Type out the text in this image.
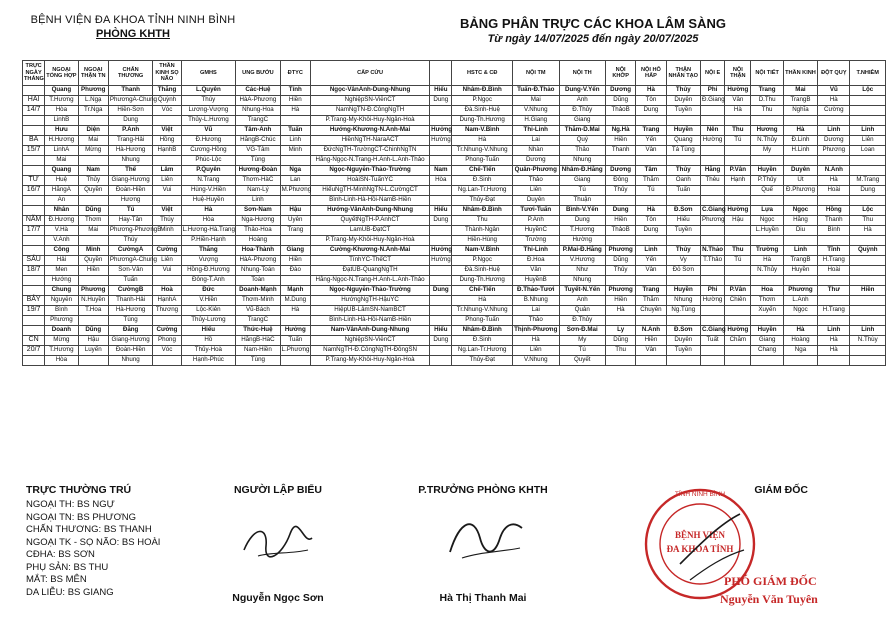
BỆNH VIỆN ĐA KHOA TỈNH NINH BÌNH
PHÒNG KHTH
BẢNG PHÂN TRỰC CÁC KHOA LÂM SÀNG
Từ ngày 14/07/2025 đến ngày 20/07/2025
TRỰC NGÀY THÁNG	NGOẠI TỔNG HỢP	NGOẠI THẬN TN	CHẤN THƯƠNG	THẦN KINH SỌ NÃO	GMHS	UNG BƯỚU	ĐTYC	CẤP CỨU		HSTC & CĐ	NỘI TM	NỘI TH	NỘI KHỚP	NỘI HÔ HẤP	THẬN NHÂN TẠO	NỘI E	NỘI THẬN	NỘI TIẾT	THẦN KINH	ĐỘT QUỴ	T.NHIỄM
	Quang	Phương	Thanh	Thắng	L.Quyên	Các-Huệ	Tính	Ngọc-VânAnh-Dung-Nhung	Hiếu	Nhâm-Đ.Bình	Tuấn-Đ.Thảo	Dung-V.Yến	Dương	Hà	Thủy	Phi	Hường	Trang	Mai	Vũ	Lộc
HAI	T.Hương	L.Ngạ	PhươngA-Chung	Quỳnh	Thúy	HàA-Phương	Hiền	NghiệpSN-ViễnCT	Dung	P.Ngọc	Mai	Anh	Dũng	Tôn	Duyên	Đ.Giang	Vân	D.Thu	TrangB	Hà	
14/7	Hòa	Tr.Nga	Hiền-Sơn	Vóc	Lương-Vượng	Nhung-Hoa	Hà	NamNgTN-Đ.CôngNgTH		Đà.Sinh-Huệ	V.Nhung	Đ.Thủy	ThảoB	Dung	Tuyền		Hà	Thu	Nghĩa	Cường	
	LinhB		Dung		Thủy-L.Hương	TrangC		P.Trang-My-Khôi-Huy-Ngân-Hoà		Dung-Th.Hương	H.Giang	Giang									
	Hưu	Diện	P.Anh	Việt	Vũ	Tâm-Anh	Tuấn	Hướng-Khương-N.Anh-Mai	Hưởng	Nam-V.Bình	Thi-Linh	Thắm-D.Mai	Ng.Hà	Trang	Huyền	Nên	Thu	Hương	Hà	Linh	Linh
BA	H.Hương	Mai	Trang-Hải	Hồng	Đ.Hương	HằngB-Chúc	Linh	HiềnNgTH-NaraACT	Hường	Hà	Lai	Quý	Hiền	Yến	Quang	Hường	Tú	N.Thủy	Đ.Linh	Dương	Liên
15/7	LinhA	Mừng	Hà-Hương	HạnhB	Cương-Hồng	VG-Tâm	Minh	ĐứcNgTH-TrườngCT-ChinhNgTN		Tr.Nhung-V.Nhung	Nhàn	Thảo	Thanh	Vân	Tá Tùng			My	H.Linh	Phương	Loan
	Mai		Nhung		Phúc-Lộc	Tùng		Hằng-Ngọc-N.Trang-H.Anh-L.Anh-Thảo		Phong-Tuấn	Dương	Nhung									
	Quang	Nam	Thế	Lâm	P.Quyên	Hương-Đoàn	Nga	Ngọc-Nguyễn-Thảo-Trường	Nam	Chế-Tiến	Quân-Phương	Nhâm-Đ.Hằng	Dương	Tâm	Thủy	Hằng	P.Vân	Huyền	Duyên	N.Anh	
TƯ	Huệ	Thủy	Giang-Hương	Liên	N.Trang	Thơm-HàC	Lan	HoàiSN-TuấnYC	Hòa	Đ.Sinh	Thảo	Giang	Đông	Thắm	Oanh	Thêu	Hạnh	P.Thủy	Út	Hà	M.Trang
16/7	HằngA	Quyền	Đoàn-Hiền	Vui	Hùng-V.Hiền	Nam-Lý	M.Phương	HiểuNgTH-MinhNgTN-L.CườngCT		Ng.Lan-Tr.Hương	Liên	Tú	Thủy	Tú	Tuấn			Quế	Đ.Phương	Hoài	Dung
	An		Hương		Huệ-Huyền	Linh		Bình-Linh-Hà-Hồi-NamB-Hiền		Thủy-Đạt	Duyên	Thuận									
	Nhân	Dũng	Tú	Việt	Hà	Sơn-Nam	Hậu	Hướng-VânAnh-Dung-Nhung	Hiếu	Nhâm-Đ.Bình	Tươi-Tuấn	Bình-V.Yến	Dung	Hà	Đ.Sơn	C.Giang	Hường	Lựa	Ngọc	Hồng	Lộc
NĂM	Đ.Hương	Thơm	Hay-Tân	Thúy	Hòa	Nga-Hương	Uyên	QuyếtNgTH-P.AnhCT	Dung	Thu	P.Anh	Dung	Hiền	Tôn	Hiếu	Phương	Hậu	Ngọc	Hằng	Thanh	Thu
17/7	V.Hà	Mai	Phương-PhươngB	Minh	L.Hương-Hà.Trang	Thảo-Hoa	Trang	LamUB-ĐạtCT		Thành-Ngân	HuyềnC	T.Hương	ThảoB	Dung	Tuyền			L.Huyền	Diu	Bình	Hà
	V.Anh		Thúy		P.Hiền-Hạnh	Hoàng		P.Trang-My-Khôi-Huy-Ngân-Hoà		Hiền-Hùng	Trường	Hường									
	Công	Minh	CườngA	Cường	Thắng	Hoa-Thành	Giang	Cường-Khương-N.Anh-Mai	Hưởng	Nam-V.Bình	Thi-Linh	P.Mai-Đ.Hằng	Phương	Linh	Thủy	N.Thảo	Thu	Trường	Linh	Tĩnh	Quỳnh
SÁU	Hải	Quyền	PhươngA-Chung	Liên	Vượng	HàA-Phương	Hiền	TínhYC-ThếCT	Hường	P.Ngọc	Đ.Hoa	V.Hương	Dũng	Yến	Vy	T.Thảo	Tú	Hà	TrangB	H.Trang	
18/7	Men	Hiền	Sơn-Vân	Vui	Hồng-Đ.Hương	Nhung-Toán	Đào	ĐạtUB-QuangNgTH		Đà.Sinh-Huệ	Vân	Như	Thủy	Vân	Đỗ Sơn			N.Thủy	Huyền	Hoài	
	Hướng		Tuấn		Đông-T.Anh	Toàn		Hằng-Ngọc-N.Trang-H.Anh-L.Anh-Thảo		Dung-Th.Hương	HuyềnB	Nhung									
	Chung	Phương	CườngB	Hoà	Đức	Doanh-Mạnh	Mạnh	Ngọc-Nguyễn-Thảo-Trường	Dung	Chế-Tiến	Đ.Thảo-Tươi	Tuyết-N.Yến	Phương	Trang	Huyền	Phi	P.Vân	Hoa	Phương	Thư	Hiền
BẢY	Nguyễn	N.Huyền	Thanh-Hải	HạnhA	V.Hiền	Thơm-Minh	M.Dung	HướngNgTH-HậuYC		Hà	B.Nhung	Anh	Hiền	Thắm	Nhung	Hường	Chiên	Thơm	L.Anh		
19/7	Bình	T.Hoa	Hà-Hương	Thương	Lộc-Kiên	Vũ-Bách	Hà	HiệpUB-LâmSN-NamBCT		Tr.Nhung-V.Nhung	Lai	Quân	Hà	Chuyên	Ng.Tùng			Xuyến	Ngọc	H.Trang	
	Phương		Tùng		Thủy-Lương	TrangC		Bình-Linh-Hà-Hồi-NamB-Hiền		Phong-Tuấn	Thảo	Đ.Thủy									
	Doanh	Dũng	Đăng	Cường	Hiếu	Thức-Huệ	Hưởng	Nam-VânAnh-Dung-Nhung	Hiếu	Nhâm-Đ.Bình	Thịnh-Phương	Sơn-Đ.Mai	Ly	N.Anh	Đ.Sơn	C.Giang	Hường	Huyền	Hà	Linh	Linh
CN	Mừng	Hậu	Giang-Hương	Phong	Hồ	HằngB-HàC	Tuấn	NghiệpSN-ViễnCT	Dung	Đ.Sinh	Hà	My	Dũng	Hiền	Duyên	Tuất	Chăm	Giang	Hoàng	Hà	N.Thùy
20/7	T.Hương	Luyến	Đoàn-Hiền	Vóc	Thủy-Hoà	Nam-Hiền	L.Phương	NamNgTH-Đ.CôngNgTH-ĐôngSN		Ng.Lan-Tr.Hương	Liên	Tú	Thu	Vân	Tuyền			Chang	Nga	Hà	
	Hòa		Nhung		Hạnh-Phúc	Tùng		P.Trang-My-Khôi-Huy-Ngân-Hoà		Thủy-Đạt	V.Nhung	Quyết									
TRỰC THƯỜNG TRÚ
NGOẠI TH: BS NGỰ
NGOẠI TN: BS PHƯƠNG
CHẤN THƯƠNG: BS THANH
NGOẠI TK - SỌ NÃO: BS HOÀI
CĐHA: BS SƠN
PHỤ SẢN: BS THU
MẮT: BS MÊN
DA LIỄU: BS GIANG
NGƯỜI LẬP BIỂU
Nguyễn Ngọc Sơn
P.TRƯỞNG PHÒNG KHTH
Hà Thị Thanh Mai
GIÁM ĐỐC
BỆNH VIỆN
ĐA KHOA TỈNH
TỈNH NINH BÌNH
PHÓ GIÁM ĐỐC
Nguyễn Văn Tuyên
